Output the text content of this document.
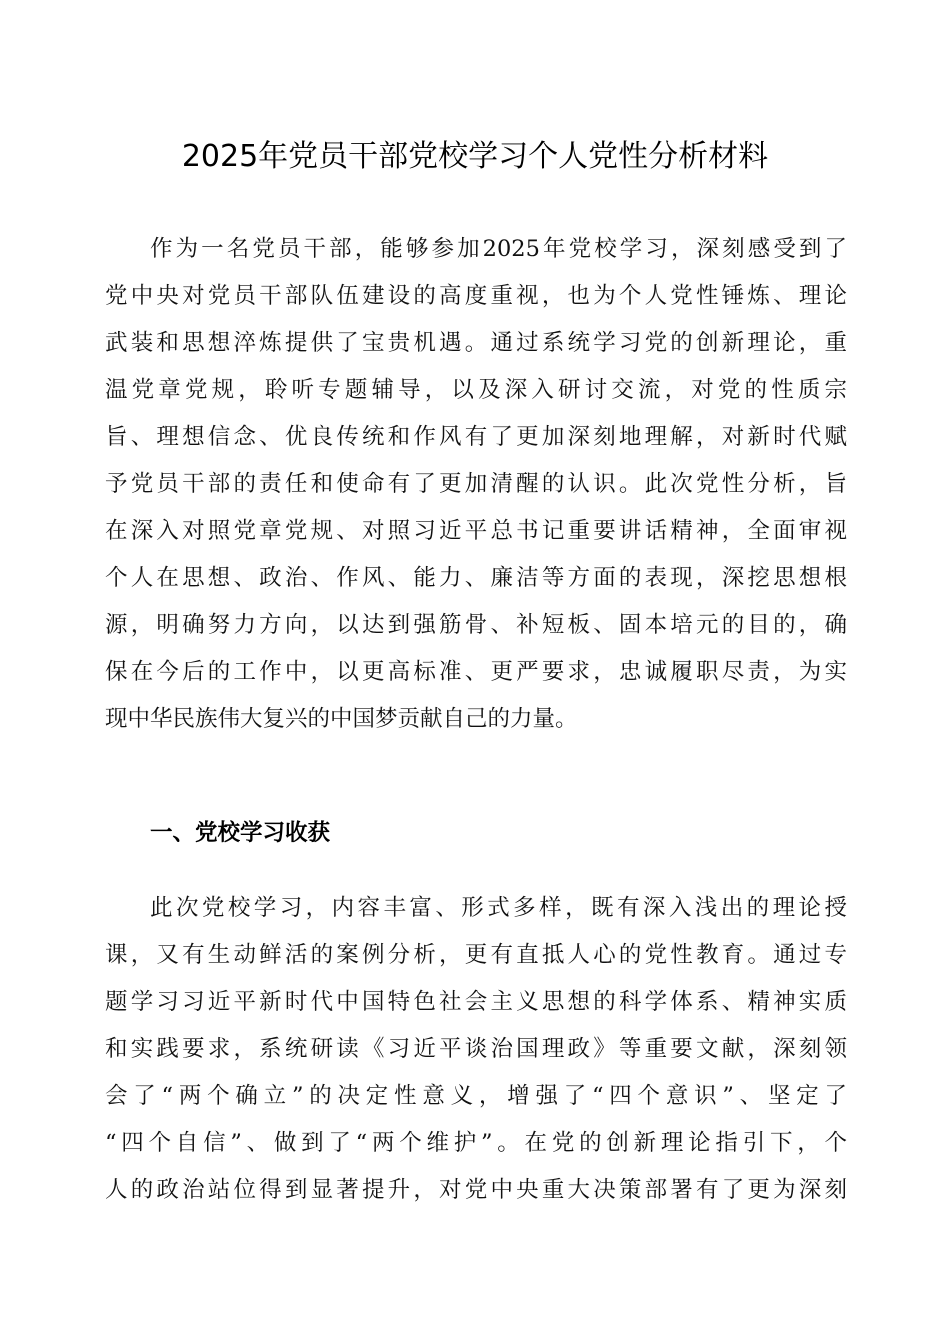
2025年党员干部党校学习个人党性分析材料
作为一名党员干部，能够参加2025年党校学习，深刻感受到了
党中央对党员干部队伍建设的高度重视，也为个人党性锤炼、理论
武装和思想淬炼提供了宝贵机遇。通过系统学习党的创新理论，重
温党章党规，聆听专题辅导，以及深入研讨交流，对党的性质宗
旨、理想信念、优良传统和作风有了更加深刻地理解，对新时代赋
予党员干部的责任和使命有了更加清醒的认识。此次党性分析，旨
在深入对照党章党规、对照习近平总书记重要讲话精神，全面审视
个人在思想、政治、作风、能力、廉洁等方面的表现，深挖思想根
源，明确努力方向，以达到强筋骨、补短板、固本培元的目的，确
保在今后的工作中，以更高标准、更严要求，忠诚履职尽责，为实
现中华民族伟大复兴的中国梦贡献自己的力量。
一、党校学习收获
此次党校学习，内容丰富、形式多样，既有深入浅出的理论授
课，又有生动鲜活的案例分析，更有直抵人心的党性教育。通过专
题学习习近平新时代中国特色社会主义思想的科学体系、精神实质
和实践要求，系统研读《习近平谈治国理政》等重要文献，深刻领
会了“两个确立”的决定性意义，增强了“四个意识”、坚定了
“四个自信”、做到了“两个维护”。在党的创新理论指引下，个
人的政治站位得到显著提升，对党中央重大决策部署有了更为深刻
